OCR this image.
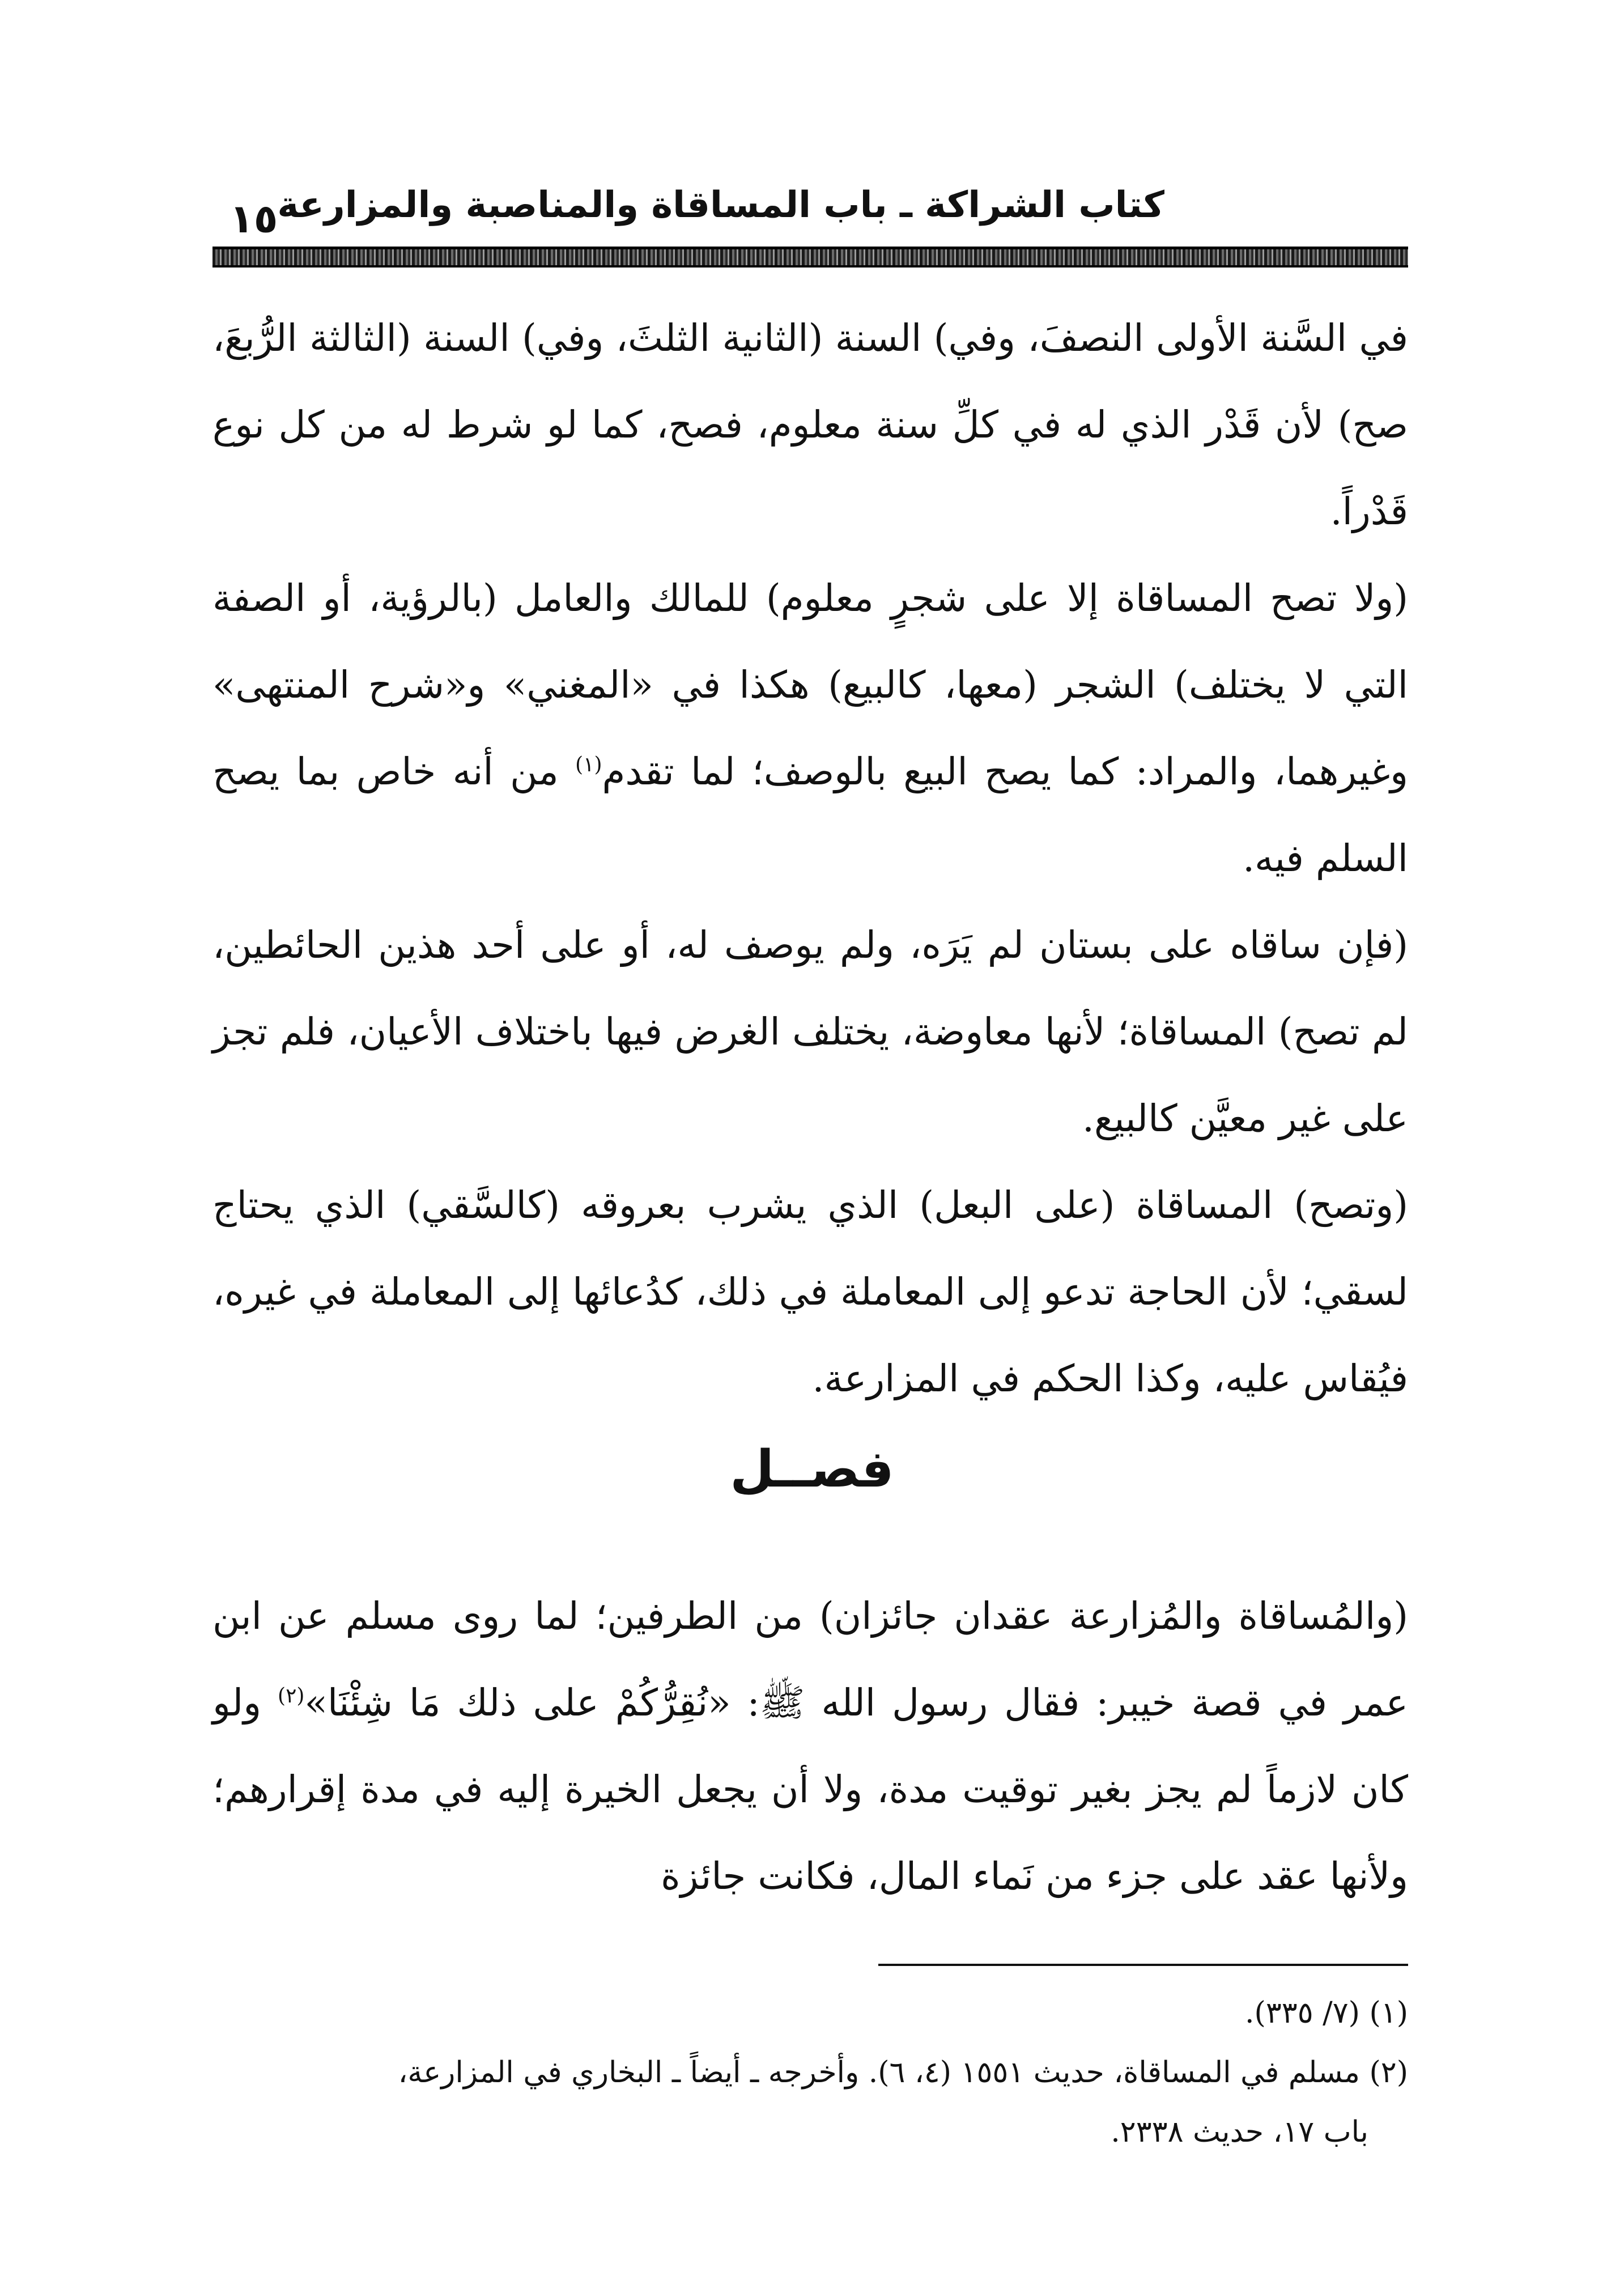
كتاب الشراكة ـ باب المساقاة والمناصبة والمزارعة
١٥

في السَّنة الأولى النصفَ، وفي) السنة (الثانية الثلثَ، وفي) السنة (الثالثة الرُّبعَ، صح) لأن قَدْر الذي له في كلِّ سنة معلوم، فصح، كما لو شرط له من كل نوع قَدْراً.

(ولا تصح المساقاة إلا على شجرٍ معلوم) للمالك والعامل (بالرؤية، أو الصفة التي لا يختلف) الشجر (معها، كالبيع) هكذا في «المغني» و«شرح المنتهى» وغيرهما، والمراد: كما يصح البيع بالوصف؛ لما تقدم$^{(١)}$ من أنه خاص بما يصح السلم فيه.

(فإن ساقاه على بستان لم يَرَه، ولم يوصف له، أو على أحد هذين الحائطين، لم تصح) المساقاة؛ لأنها معاوضة، يختلف الغرض فيها باختلاف الأعيان، فلم تجز على غير معيَّن كالبيع.

(وتصح) المساقاة (على البعل) الذي يشرب بعروقه (كالسَّقي) الذي يحتاج لسقي؛ لأن الحاجة تدعو إلى المعاملة في ذلك، كدُعائها إلى المعاملة في غيره، فيُقاس عليه، وكذا الحكم في المزارعة.

فصــل

(والمُساقاة والمُزارعة عقدان جائزان) من الطرفين؛ لما روى مسلم عن ابن عمر في قصة خيبر: فقال رسول الله ﷺ: «نُقِرُّكُمْ على ذلك مَا شِئْنَا»$^{(٢)}$ ولو كان لازماً لم يجز بغير توقيت مدة، ولا أن يجعل الخيرة إليه في مدة إقرارهم؛ ولأنها عقد على جزء من نَماء المال، فكانت جائزة

(١) (٧/ ٣٣٥).

(٢) مسلم في المساقاة، حديث ١٥٥١ (٤، ٦). وأخرجه ـ أيضاً ـ البخاري في المزارعة،
باب ١٧، حديث ٢٣٣٨.
